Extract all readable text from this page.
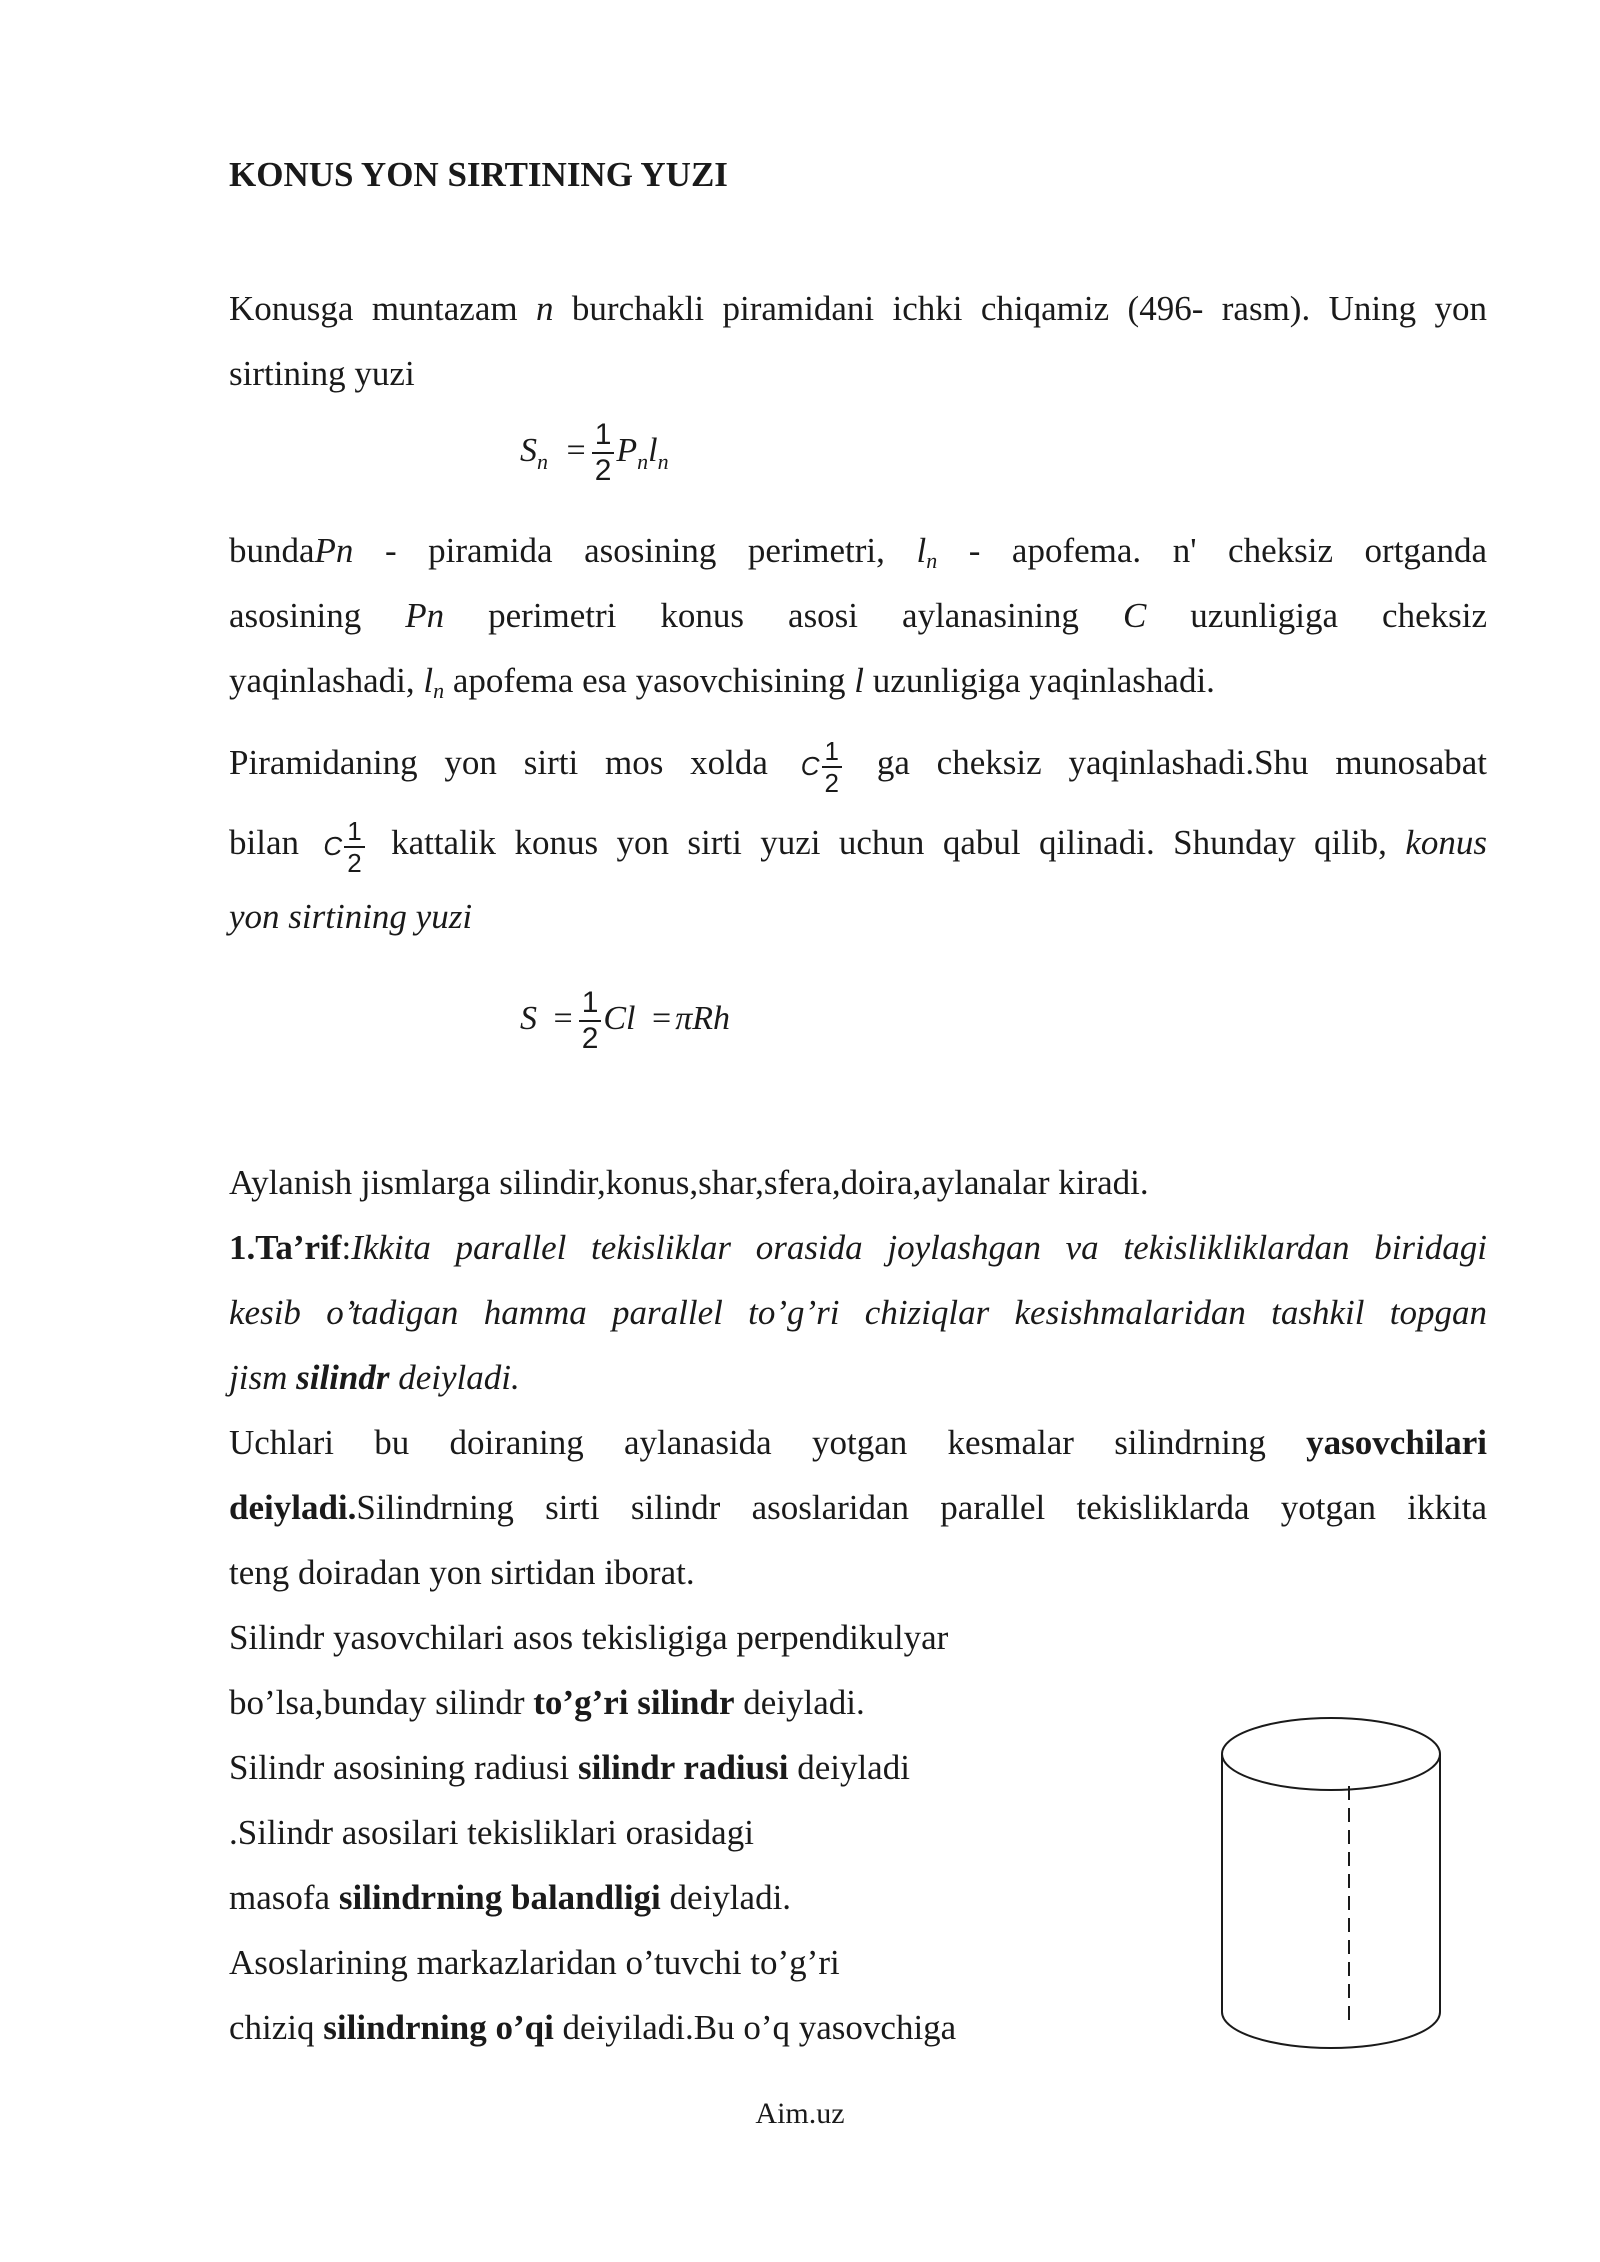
KONUS YON SIRTINING YUZI
Konusga muntazam n burchakli piramidani ichki chiqamiz (496- rasm). Uning yon
sirtining yuzi
$S_n = \frac{1}{2} P_nl_n$
bundaPn - piramida asosining perimetri, ln - apofema. n' cheksiz ortganda
asosining Pn perimetri konus asosi aylanasining C uzunligiga cheksiz
yaqinlashadi, ln apofema esa yasovchisining l uzunligiga yaqinlashadi.
Piramidaning yon sirti mos xolda C $\frac{1}{2}$ ga cheksiz yaqinlashadi.Shu munosabat
bilan C $\frac{1}{2}$ kattalik konus yon sirti yuzi uchun qabul qilinadi. Shunday qilib, konus
yon sirtining yuzi
$S = \frac{1}{2}$ Cl = πRh
Aylanish jismlarga silindir,konus,shar,sfera,doira,aylanalar kiradi.
1.Ta’rif:Ikkita parallel tekisliklar orasida joylashgan va tekislikliklardan biridagi
kesib o’tadigan hamma parallel to’g’ri chiziqlar kesishmalaridan tashkil topgan
jism silindr deiyladi.
Uchlari bu doiraning aylanasida yotgan kesmalar silindrning yasovchilari
deiyladi.Silindrning sirti silindr asoslaridan parallel tekisliklarda yotgan ikkita
teng doiradan yon sirtidan iborat.
Silindr yasovchilari asos tekisligiga perpendikulyar
bo’lsa,bunday silindr to’g’ri silindr deiyladi.
Silindr asosining radiusi silindr radiusi deiyladi
.Silindr asosilari tekisliklari orasidagi
masofa silindrning balandligi deiyladi.
Asoslarining markazlaridan o’tuvchi to’g’ri
chiziq silindrning o’qi deiyiladi.Bu o’q yasovchiga
Aim.uz
